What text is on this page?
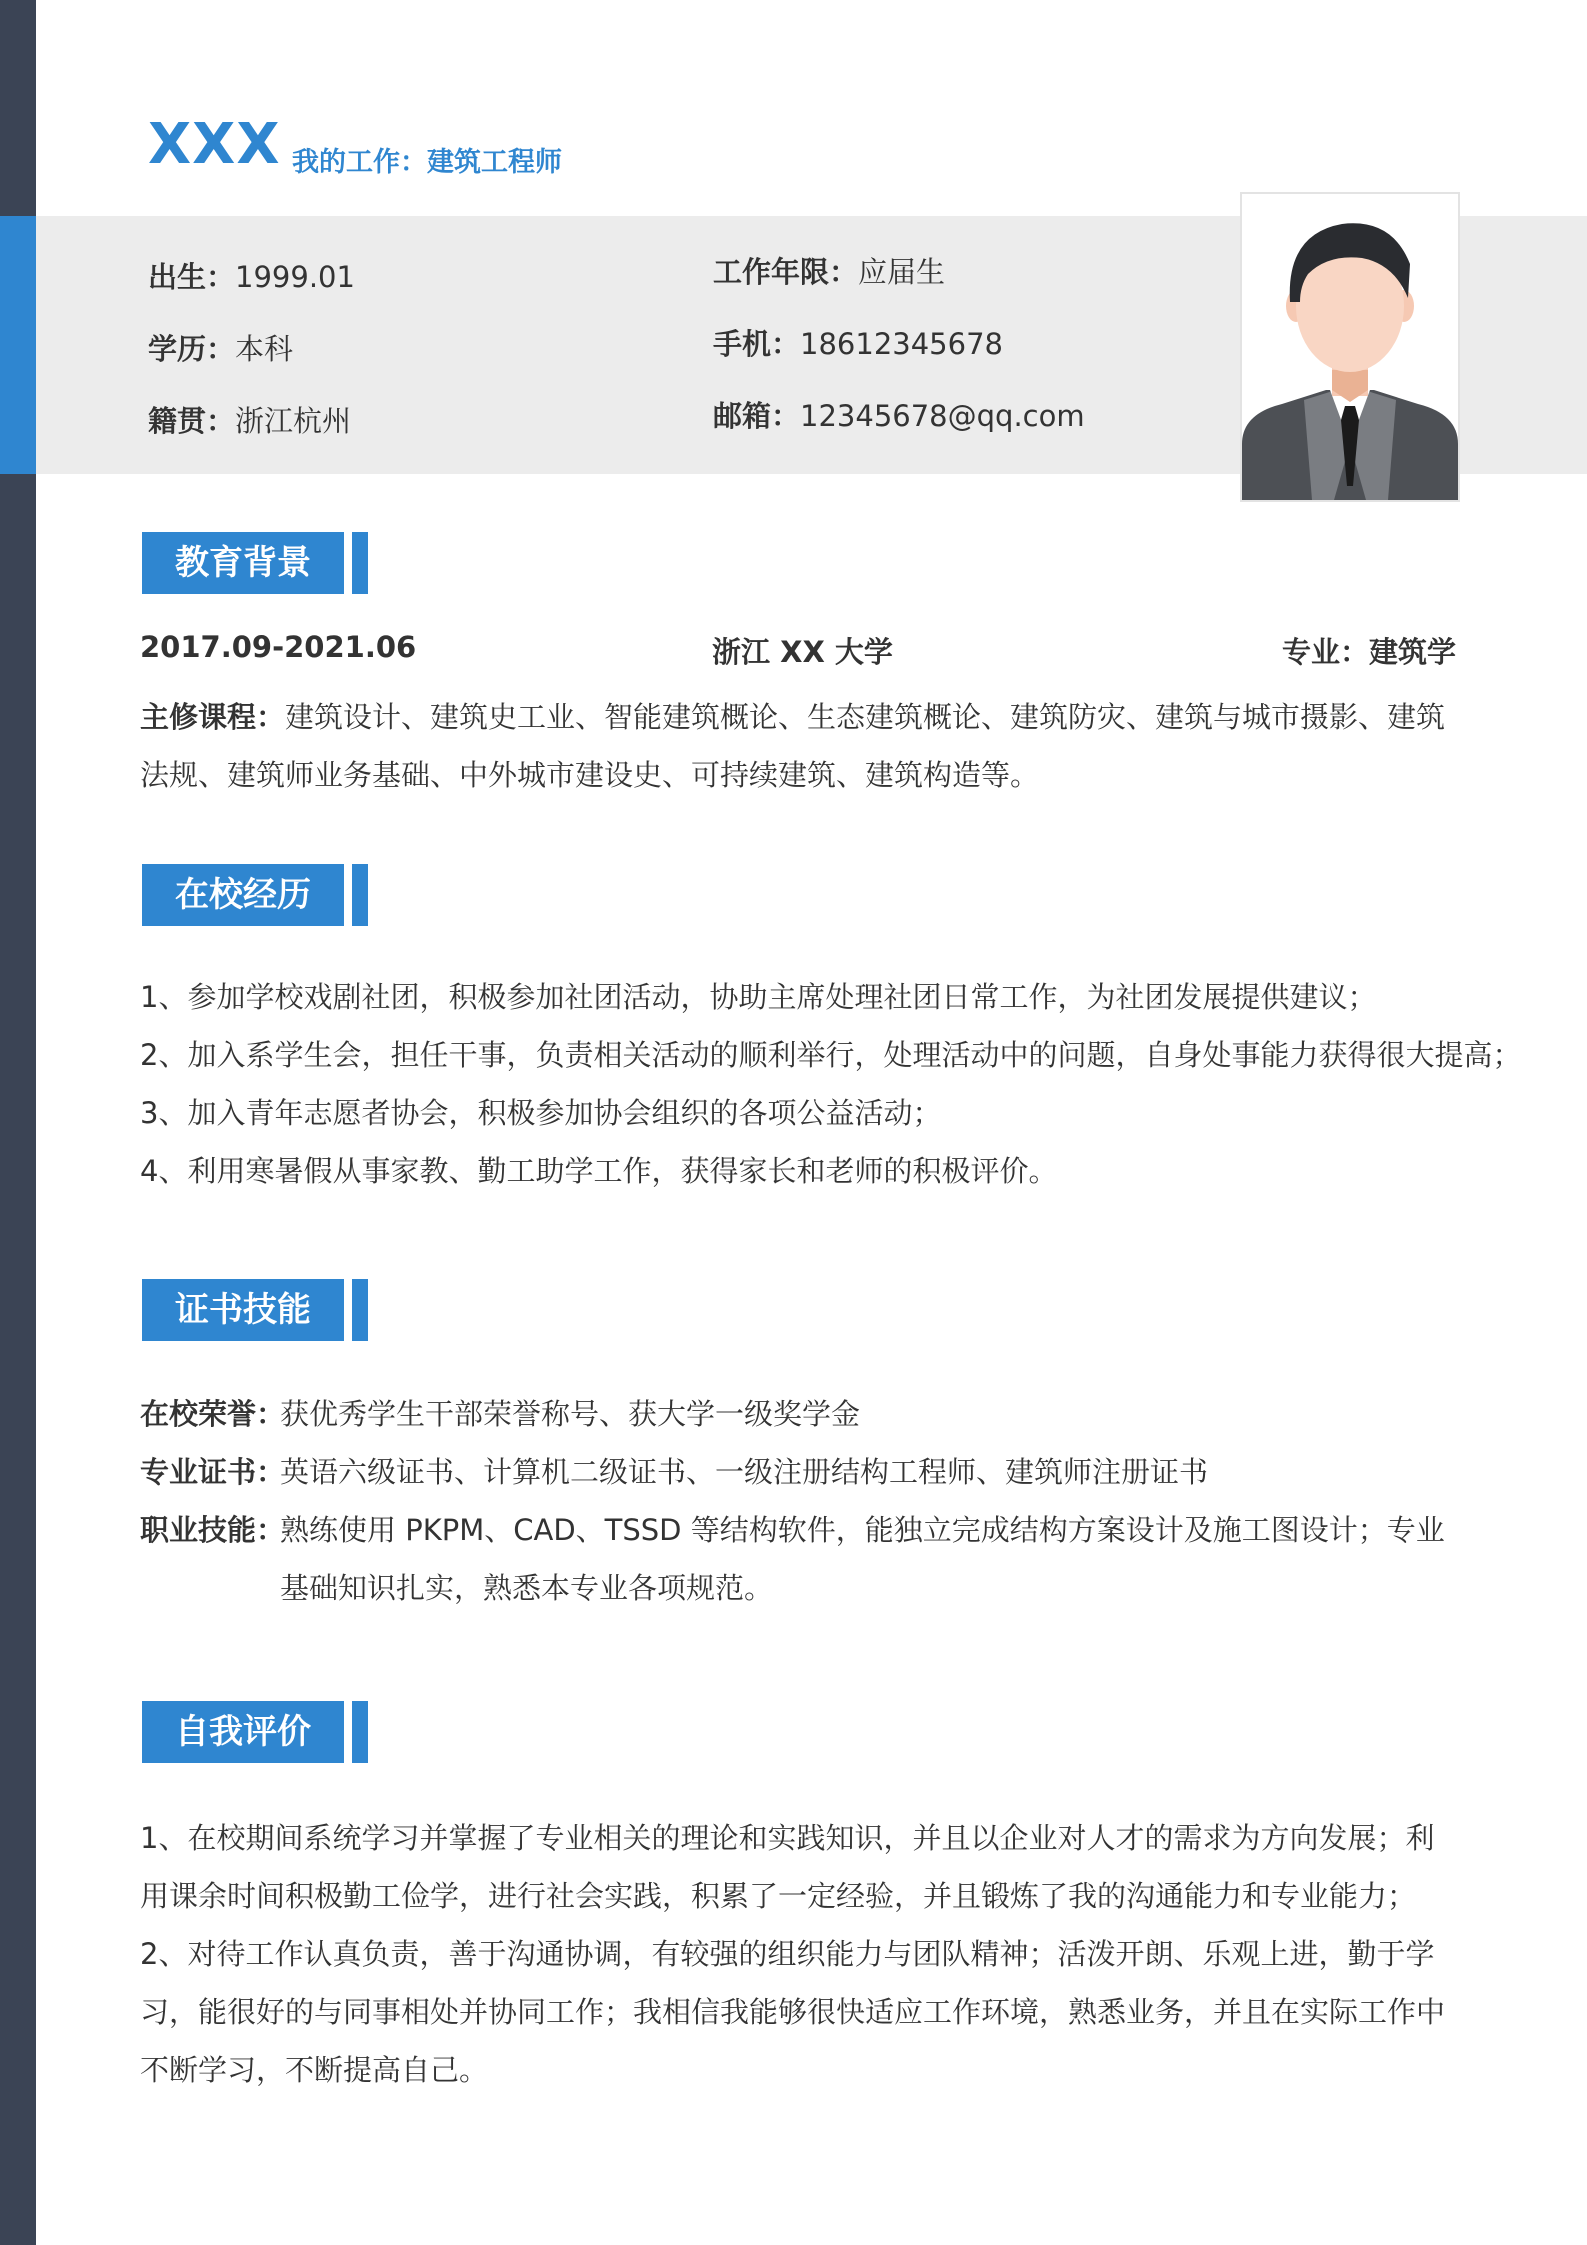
XXX 我的工作：建筑工程师
出生：1999.01
学历：本科
籍贯：浙江杭州
工作年限：应届生
手机：18612345678
邮箱：12345678@qq.com
教育背景
2017.09-2021.06	浙江 XX 大学	专业：建筑学
主修课程：建筑设计、建筑史工业、智能建筑概论、生态建筑概论、建筑防灾、建筑与城市摄影、建筑法规、建筑师业务基础、中外城市建设史、可持续建筑、建筑构造等。
在校经历
1、参加学校戏剧社团，积极参加社团活动，协助主席处理社团日常工作，为社团发展提供建议；
2、加入系学生会，担任干事，负责相关活动的顺利举行，处理活动中的问题，自身处事能力获得很大提高；
3、加入青年志愿者协会，积极参加协会组织的各项公益活动；
4、利用寒暑假从事家教、勤工助学工作，获得家长和老师的积极评价。
证书技能
在校荣誉：
获优秀学生干部荣誉称号、获大学一级奖学金
专业证书：
英语六级证书、计算机二级证书、一级注册结构工程师、建筑师注册证书
职业技能：
熟练使用 PKPM、CAD、TSSD 等结构软件，能独立完成结构方案设计及施工图设计；专业基础知识扎实，熟悉本专业各项规范。
自我评价
1、在校期间系统学习并掌握了专业相关的理论和实践知识，并且以企业对人才的需求为方向发展；利用课余时间积极勤工俭学，进行社会实践，积累了一定经验，并且锻炼了我的沟通能力和专业能力；
2、对待工作认真负责，善于沟通协调，有较强的组织能力与团队精神；活泼开朗、乐观上进，勤于学习，能很好的与同事相处并协同工作；我相信我能够很快适应工作环境，熟悉业务，并且在实际工作中不断学习，不断提高自己。
